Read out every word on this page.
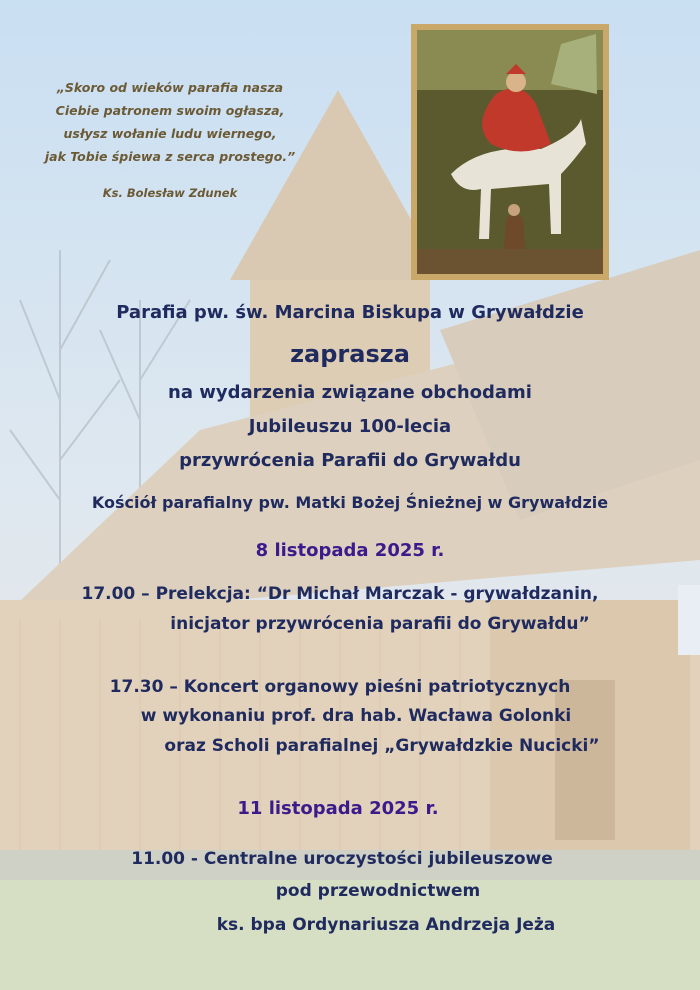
„Skoro od wieków parafia nasza
Ciebie patronem swoim ogłasza,
usłysz wołanie ludu wiernego,
jak Tobie śpiewa z serca prostego.”
Ks. Bolesław Zdunek
Parafia pw. św. Marcina Biskupa w Grywałdzie
zaprasza
na wydarzenia związane obchodami
Jubileuszu 100-lecia
przywrócenia Parafii do Grywałdu
Kościół parafialny pw. Matki Bożej Śnieżnej w Grywałdzie
8 listopada 2025 r.
17.00 – Prelekcja: “Dr Michał Marczak - grywałdzanin,
inicjator przywrócenia parafii do Grywałdu”
17.30 – Koncert organowy pieśni patriotycznych
w wykonaniu prof. dra hab. Wacława Golonki
oraz Scholi parafialnej „Grywałdzkie Nucicki”
11 listopada 2025 r.
11.00 - Centralne uroczystości jubileuszowe
pod przewodnictwem
ks. bpa Ordynariusza Andrzeja Jeża
